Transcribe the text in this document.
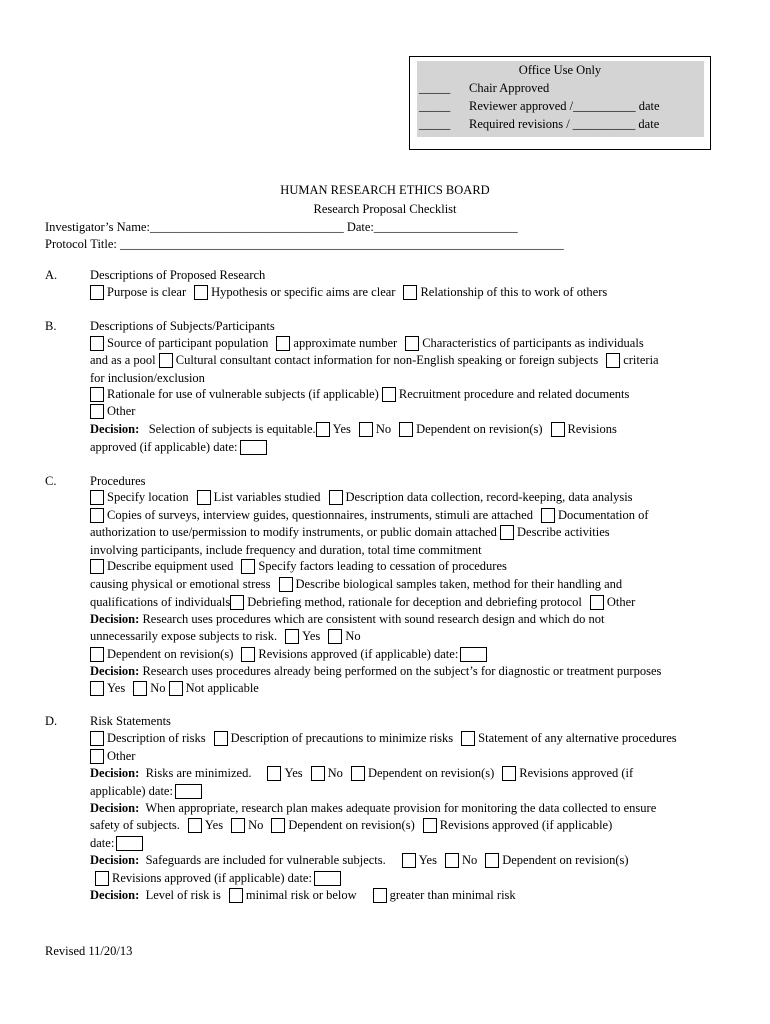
Office Use Only
_____ Chair Approved
_____ Reviewer approved /__________ date
_____ Required revisions / __________ date
HUMAN RESEARCH ETHICS BOARD
Research Proposal Checklist
Investigator’s Name:_______________________________ Date:_______________________
Protocol Title: _______________________________________________________________________
A.	Descriptions of Proposed Research
Purpose is clear Hypothesis or specific aims are clear Relationship of this to work of others
B.	Descriptions of Subjects/Participants
Source of participant population approximate number Characteristics of participants as individuals
and as a pool Cultural consultant contact information for non-English speaking or foreign subjects criteria
for inclusion/exclusion
Rationale for use of vulnerable subjects (if applicable) Recruitment procedure and related documents
Other
Decision: Selection of subjects is equitable. Yes No Dependent on revision(s) Revisions
approved (if applicable) date:
C.	Procedures
Specify location List variables studied Description data collection, record-keeping, data analysis
Copies of surveys, interview guides, questionnaires, instruments, stimuli are attached Documentation of
authorization to use/permission to modify instruments, or public domain attached Describe activities
involving participants, include frequency and duration, total time commitment
Describe equipment used Specify factors leading to cessation of procedures
causing physical or emotional stress Describe biological samples taken, method for their handling and
qualifications of individuals Debriefing method, rationale for deception and debriefing protocol Other
Decision: Research uses procedures which are consistent with sound research design and which do not
unnecessarily expose subjects to risk. Yes No
Dependent on revision(s) Revisions approved (if applicable) date:
Decision: Research uses procedures already being performed on the subject’s for diagnostic or treatment purposes
Yes No Not applicable
D.	Risk Statements
Description of risks Description of precautions to minimize risks Statement of any alternative procedures
Other
Decision: Risks are minimized.	Yes No Dependent on revision(s) Revisions approved (if
applicable) date:
Decision: When appropriate, research plan makes adequate provision for monitoring the data collected to ensure
safety of subjects. Yes No Dependent on revision(s) Revisions approved (if applicable)
date:
Decision: Safeguards are included for vulnerable subjects.	Yes No Dependent on revision(s)
Revisions approved (if applicable) date:
Decision: Level of risk is minimal risk or below	greater than minimal risk
Revised 11/20/13
